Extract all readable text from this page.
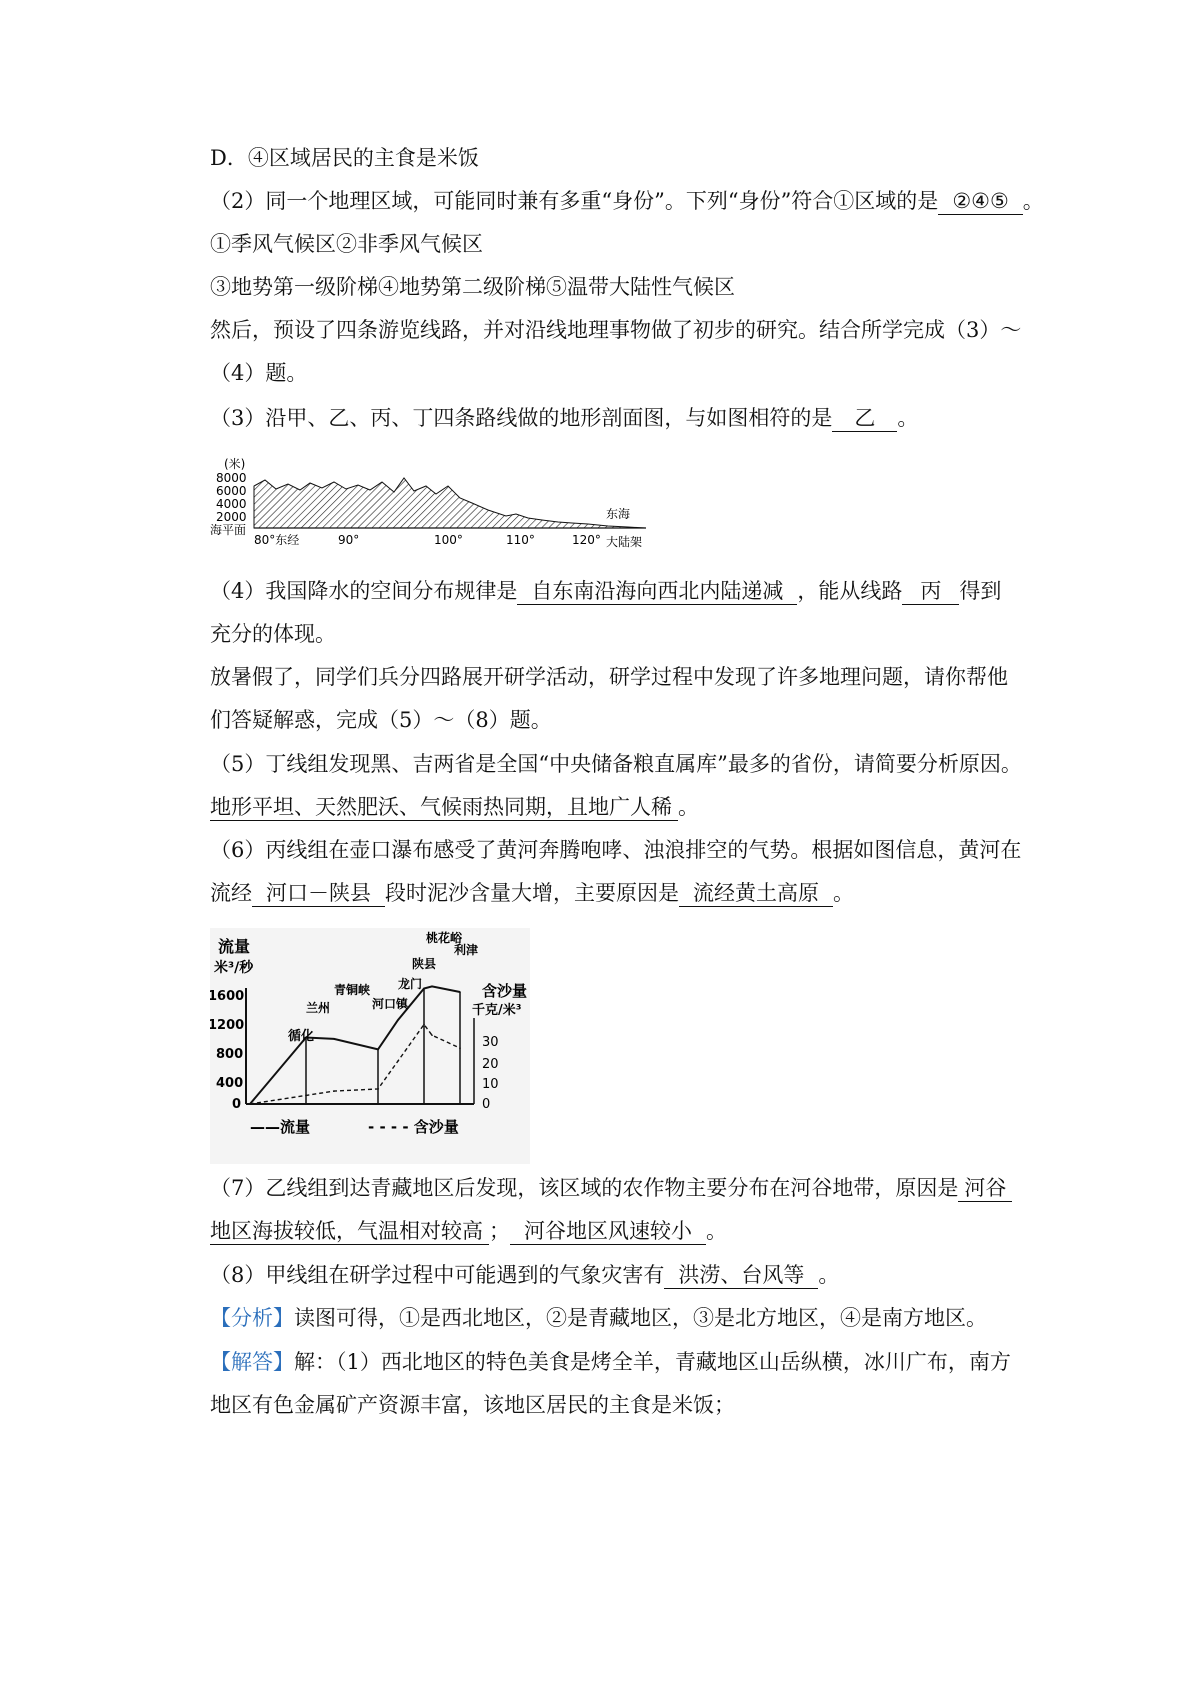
D．④区域居民的主食是米饭
（2）同一个地理区域，可能同时兼有多重“身份”。下列“身份”符合①区域的是 ②④⑤ 。
①季风气候区②非季风气候区
③地势第一级阶梯④地势第二级阶梯⑤温带大陆性气候区
然后，预设了四条游览线路，并对沿线地理事物做了初步的研究。结合所学完成（3）～
（4）题。
（3）沿甲、乙、丙、丁四条路线做的地形剖面图，与如图相符的是 乙 。
(米)
8000
6000
4000
2000
海平面
80°东经	90°	100°	110°	120°
东海
大陆架
（4）我国降水的空间分布规律是 自东南沿海向西北内陆递减 ，能从线路 丙 得到
充分的体现。
放暑假了，同学们兵分四路展开研学活动，研学过程中发现了许多地理问题，请你帮他
们答疑解惑，完成（5）～（8）题。
（5）丁线组发现黑、吉两省是全国“中央储备粮直属库”最多的省份，请简要分析原因。
地形平坦、天然肥沃、气候雨热同期，且地广人稀 。
（6）丙线组在壶口瀑布感受了黄河奔腾咆哮、浊浪排空的气势。根据如图信息，黄河在
流经 河口－陕县 段时泥沙含量大增，主要原因是 流经黄土高原 。
流量
米³/秒
含沙量
千克/米³
1600
1200
800
400
0
30
20
10
0
循化
兰州
青铜峡
河口镇
龙门
陕县
桃花峪
利津
——流量	- - - - 含沙量
（7）乙线组到达青藏地区后发现，该区域的农作物主要分布在河谷地带，原因是 河谷
地区海拔较低，气温相对较高 ； 河谷地区风速较小 。
（8）甲线组在研学过程中可能遇到的气象灾害有 洪涝、台风等 。
【分析】读图可得，①是西北地区，②是青藏地区，③是北方地区，④是南方地区。
【解答】解：（1）西北地区的特色美食是烤全羊，青藏地区山岳纵横，冰川广布，南方
地区有色金属矿产资源丰富，该地区居民的主食是米饭；
